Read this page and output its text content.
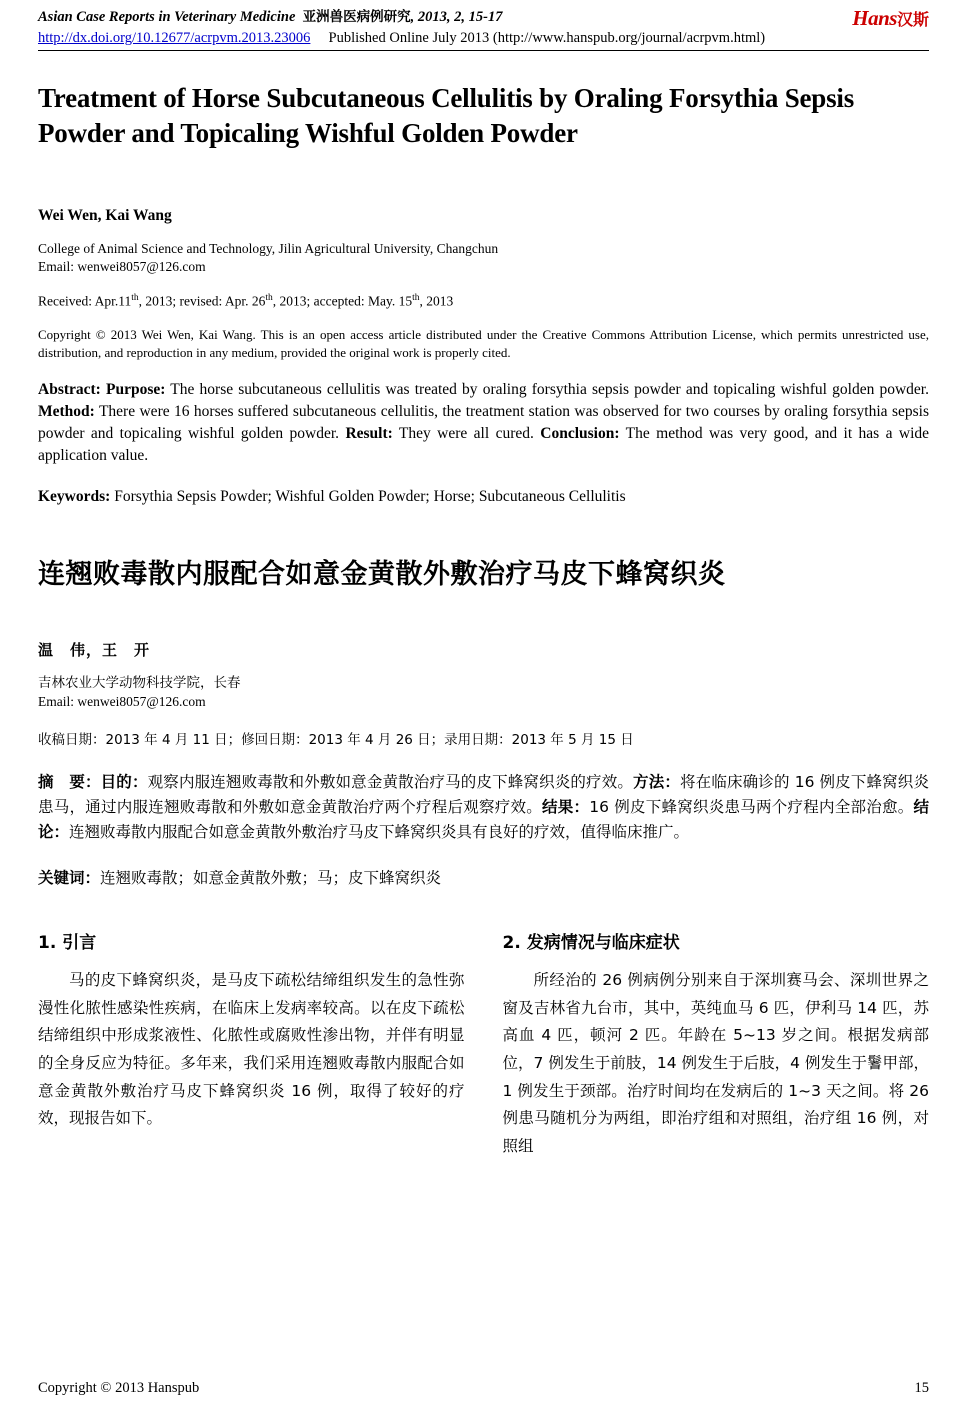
Asian Case Reports in Veterinary Medicine 亚洲兽医病例研究, 2013, 2, 15-17	Hans汉斯
http://dx.doi.org/10.12677/acrpvm.2013.23006 Published Online July 2013 (http://www.hanspub.org/journal/acrpvm.html)
Treatment of Horse Subcutaneous Cellulitis by Oraling Forsythia Sepsis Powder and Topicaling Wishful Golden Powder
Wei Wen, Kai Wang
College of Animal Science and Technology, Jilin Agricultural University, Changchun
Email: wenwei8057@126.com
Received: Apr.11th, 2013; revised: Apr. 26th, 2013; accepted: May. 15th, 2013
Copyright © 2013 Wei Wen, Kai Wang. This is an open access article distributed under the Creative Commons Attribution License, which permits unrestricted use, distribution, and reproduction in any medium, provided the original work is properly cited.
Abstract: Purpose: The horse subcutaneous cellulitis was treated by oraling forsythia sepsis powder and topicaling wishful golden powder. Method: There were 16 horses suffered subcutaneous cellulitis, the treatment station was observed for two courses by oraling forsythia sepsis powder and topicaling wishful golden powder. Result: They were all cured. Conclusion: The method was very good, and it has a wide application value.
Keywords: Forsythia Sepsis Powder; Wishful Golden Powder; Horse; Subcutaneous Cellulitis
连翘败毒散内服配合如意金黄散外敷治疗马皮下蜂窝织炎
温　伟，王　开
吉林农业大学动物科技学院，长春
Email: wenwei8057@126.com
收稿日期：2013 年 4 月 11 日；修回日期：2013 年 4 月 26 日；录用日期：2013 年 5 月 15 日
摘　要：目的：观察内服连翘败毒散和外敷如意金黄散治疗马的皮下蜂窝织炎的疗效。方法：将在临床确诊的 16 例皮下蜂窝织炎患马，通过内服连翘败毒散和外敷如意金黄散治疗两个疗程后观察疗效。结果：16 例皮下蜂窝织炎患马两个疗程内全部治愈。结论：连翘败毒散内服配合如意金黄散外敷治疗马皮下蜂窝织炎具有良好的疗效，值得临床推广。
关键词：连翘败毒散；如意金黄散外敷；马；皮下蜂窝织炎
1. 引言
马的皮下蜂窝织炎，是马皮下疏松结缔组织发生的急性弥漫性化脓性感染性疾病，在临床上发病率较高。以在皮下疏松结缔组织中形成浆液性、化脓性或腐败性渗出物，并伴有明显的全身反应为特征。多年来，我们采用连翘败毒散内服配合如意金黄散外敷治疗马皮下蜂窝织炎 16 例，取得了较好的疗效，现报告如下。
2. 发病情况与临床症状
所经治的 26 例病例分别来自于深圳赛马会、深圳世界之窗及吉林省九台市，其中，英纯血马 6 匹，伊利马 14 匹，苏高血 4 匹，顿河 2 匹。年龄在 5~13 岁之间。根据发病部位，7 例发生于前肢，14 例发生于后肢，4 例发生于鬐甲部，1 例发生于颈部。治疗时间均在发病后的 1~3 天之间。将 26 例患马随机分为两组，即治疗组和对照组，治疗组 16 例，对照组
Copyright © 2013 Hanspub	15
